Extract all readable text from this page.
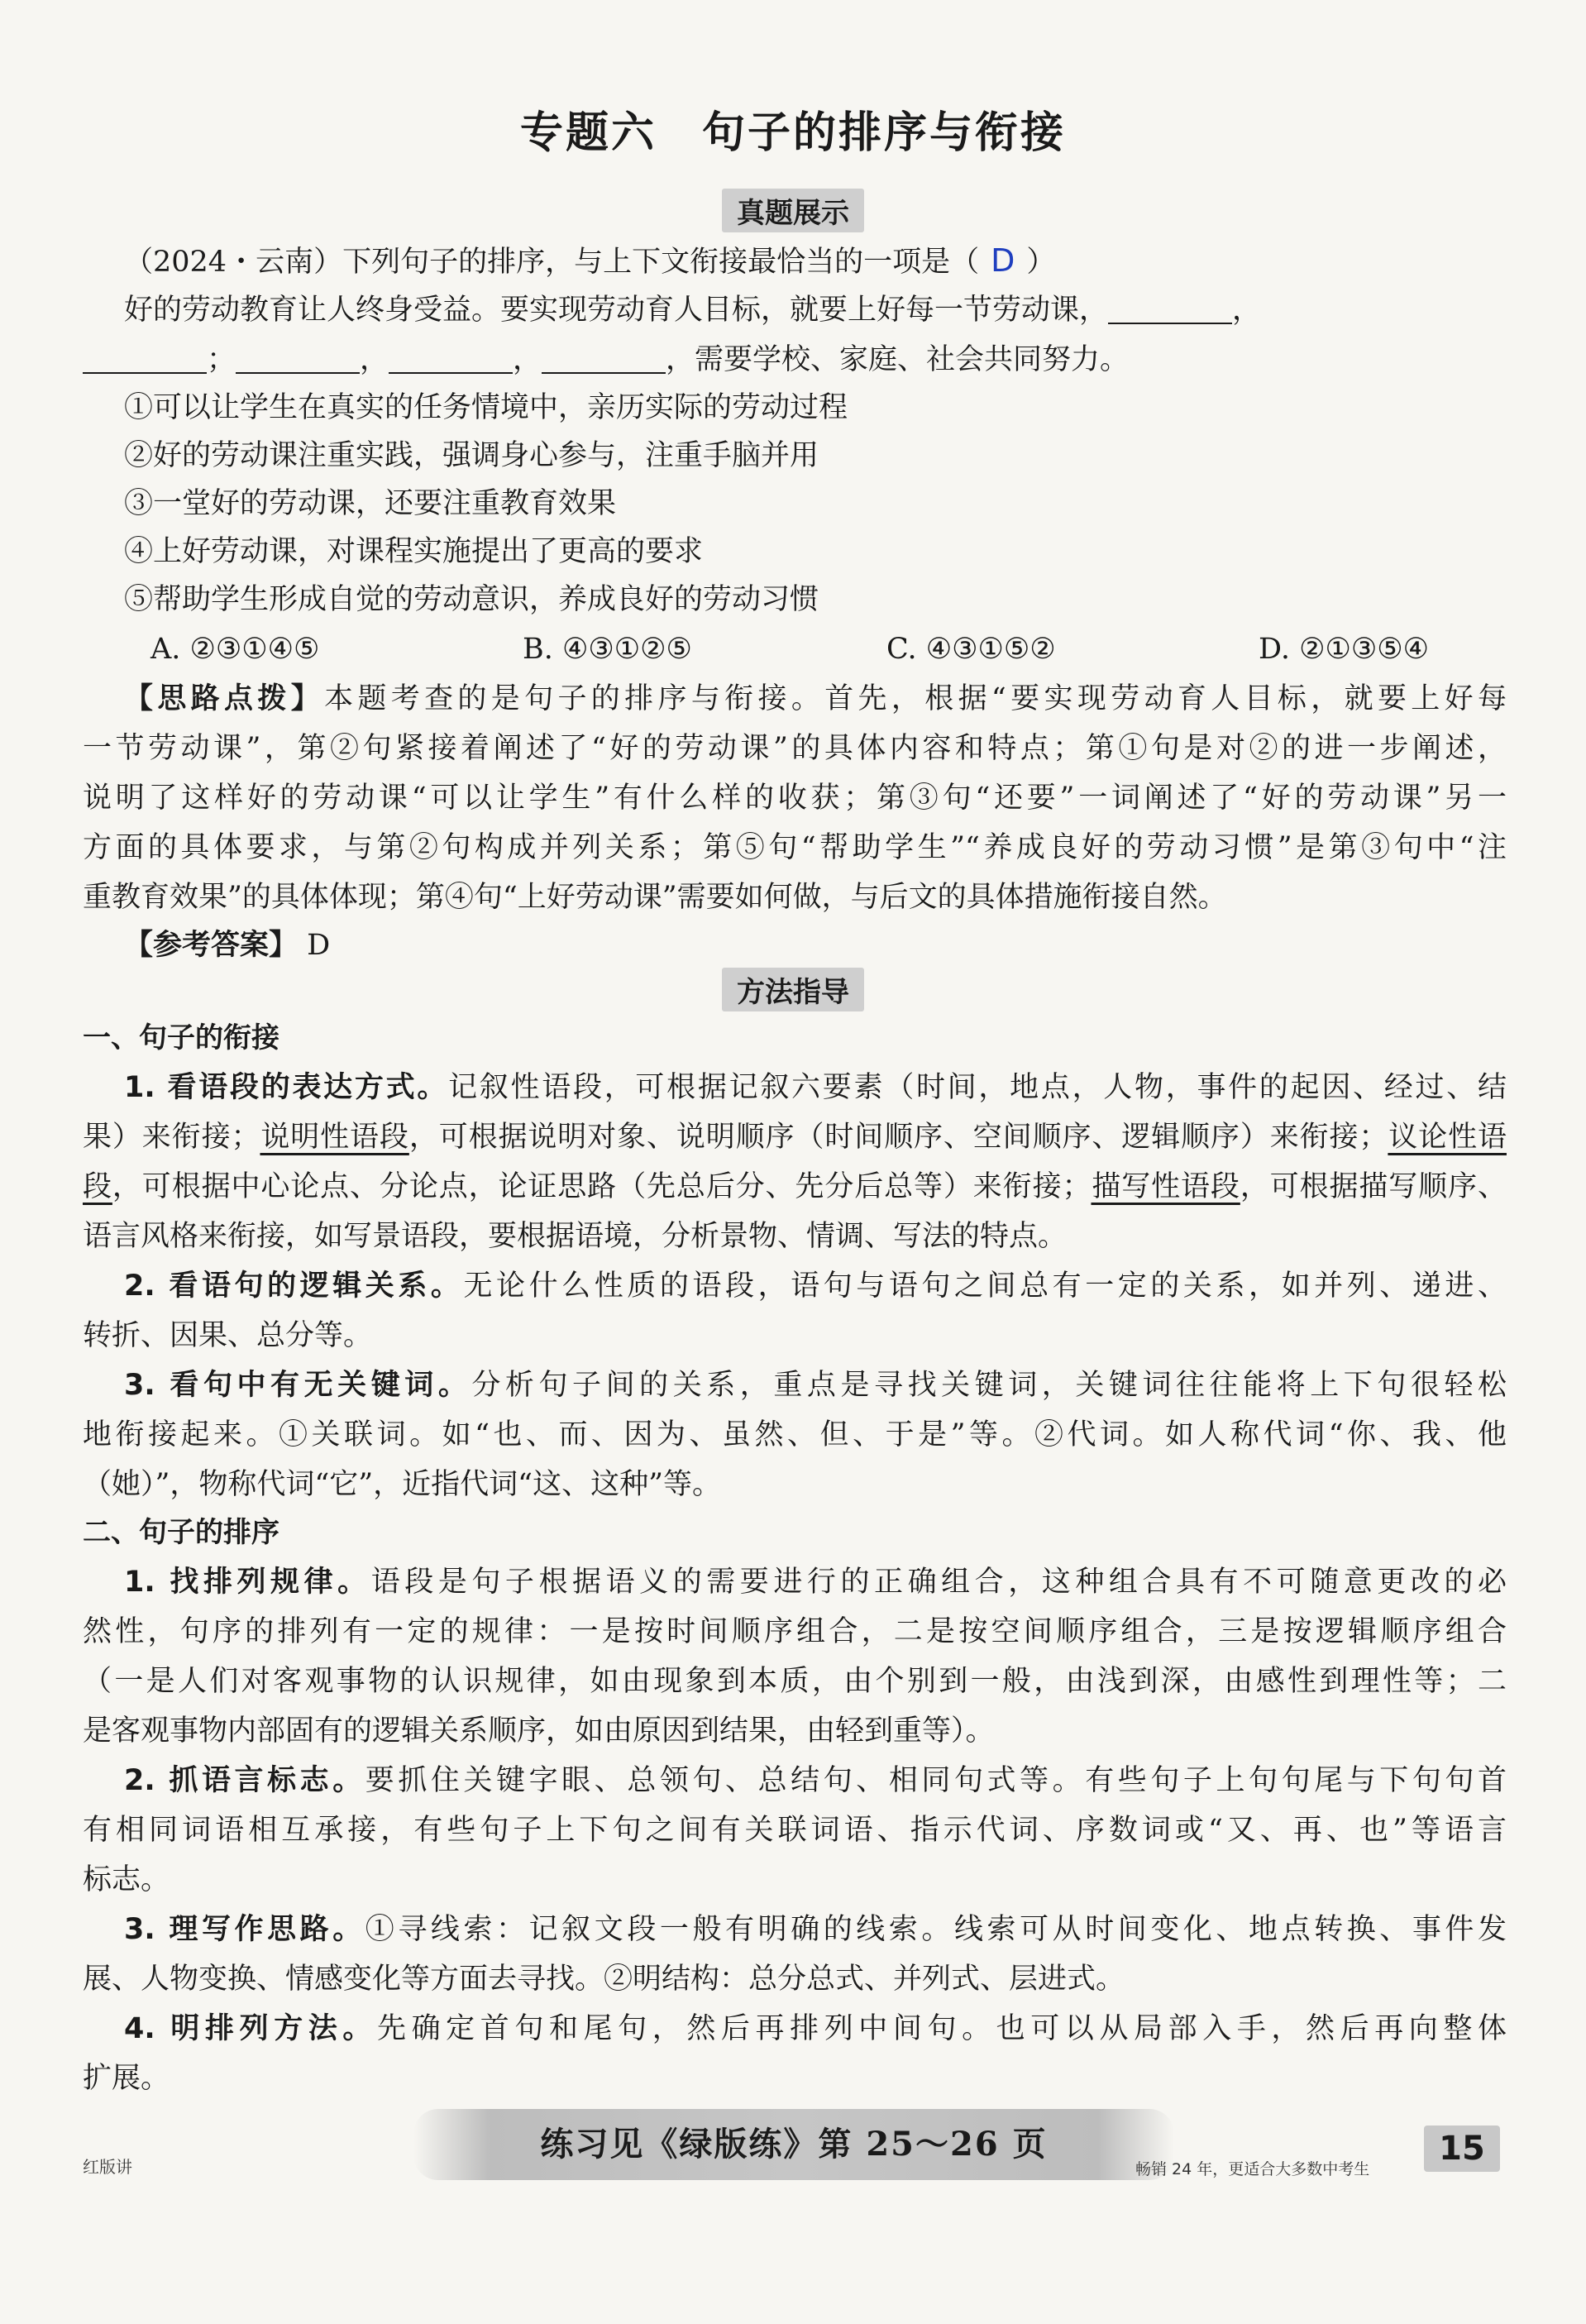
专题六　句子的排序与衔接
真题展示
（2024・云南）下列句子的排序，与上下文衔接最恰当的一项是（ D ）
好的劳动教育让人终身受益。要实现劳动育人目标，就要上好每一节劳动课，	，
；	，	，	，需要学校、家庭、社会共同努力。
①可以让学生在真实的任务情境中，亲历实际的劳动过程
②好的劳动课注重实践，强调身心参与，注重手脑并用
③一堂好的劳动课，还要注重教育效果
④上好劳动课，对课程实施提出了更高的要求
⑤帮助学生形成自觉的劳动意识，养成良好的劳动习惯
A. ②③①④⑤	B. ④③①②⑤	C. ④③①⑤②	D. ②①③⑤④
【思路点拨】本题考查的是句子的排序与衔接。首先，根据“要实现劳动育人目标，就要上好每
一节劳动课”，第②句紧接着阐述了“好的劳动课”的具体内容和特点；第①句是对②的进一步阐述，
说明了这样好的劳动课“可以让学生”有什么样的收获；第③句“还要”一词阐述了“好的劳动课”另一
方面的具体要求，与第②句构成并列关系；第⑤句“帮助学生”“养成良好的劳动习惯”是第③句中“注
重教育效果”的具体体现；第④句“上好劳动课”需要如何做，与后文的具体措施衔接自然。
【参考答案】 D
方法指导
一、句子的衔接
1. 看语段的表达方式。记叙性语段，可根据记叙六要素（时间，地点，人物，事件的起因、经过、结
果）来衔接；说明性语段，可根据说明对象、说明顺序（时间顺序、空间顺序、逻辑顺序）来衔接；议论性语
段，可根据中心论点、分论点，论证思路（先总后分、先分后总等）来衔接；描写性语段，可根据描写顺序、
语言风格来衔接，如写景语段，要根据语境，分析景物、情调、写法的特点。
2. 看语句的逻辑关系。无论什么性质的语段，语句与语句之间总有一定的关系，如并列、递进、
转折、因果、总分等。
3. 看句中有无关键词。分析句子间的关系，重点是寻找关键词，关键词往往能将上下句很轻松
地衔接起来。①关联词。如“也、而、因为、虽然、但、于是”等。②代词。如人称代词“你、我、他
（她）”，物称代词“它”，近指代词“这、这种”等。
二、句子的排序
1. 找排列规律。语段是句子根据语义的需要进行的正确组合，这种组合具有不可随意更改的必
然性，句序的排列有一定的规律：一是按时间顺序组合，二是按空间顺序组合，三是按逻辑顺序组合
（一是人们对客观事物的认识规律，如由现象到本质，由个别到一般，由浅到深，由感性到理性等；二
是客观事物内部固有的逻辑关系顺序，如由原因到结果，由轻到重等）。
2. 抓语言标志。要抓住关键字眼、总领句、总结句、相同句式等。有些句子上句句尾与下句句首
有相同词语相互承接，有些句子上下句之间有关联词语、指示代词、序数词或“又、再、也”等语言
标志。
3. 理写作思路。①寻线索：记叙文段一般有明确的线索。线索可从时间变化、地点转换、事件发
展、人物变换、情感变化等方面去寻找。②明结构：总分总式、并列式、层进式。
4. 明排列方法。先确定首句和尾句，然后再排列中间句。也可以从局部入手，然后再向整体
扩展。
练习见《绿版练》第 25～26 页
红版讲	畅销 24 年，更适合大多数中考生
15
